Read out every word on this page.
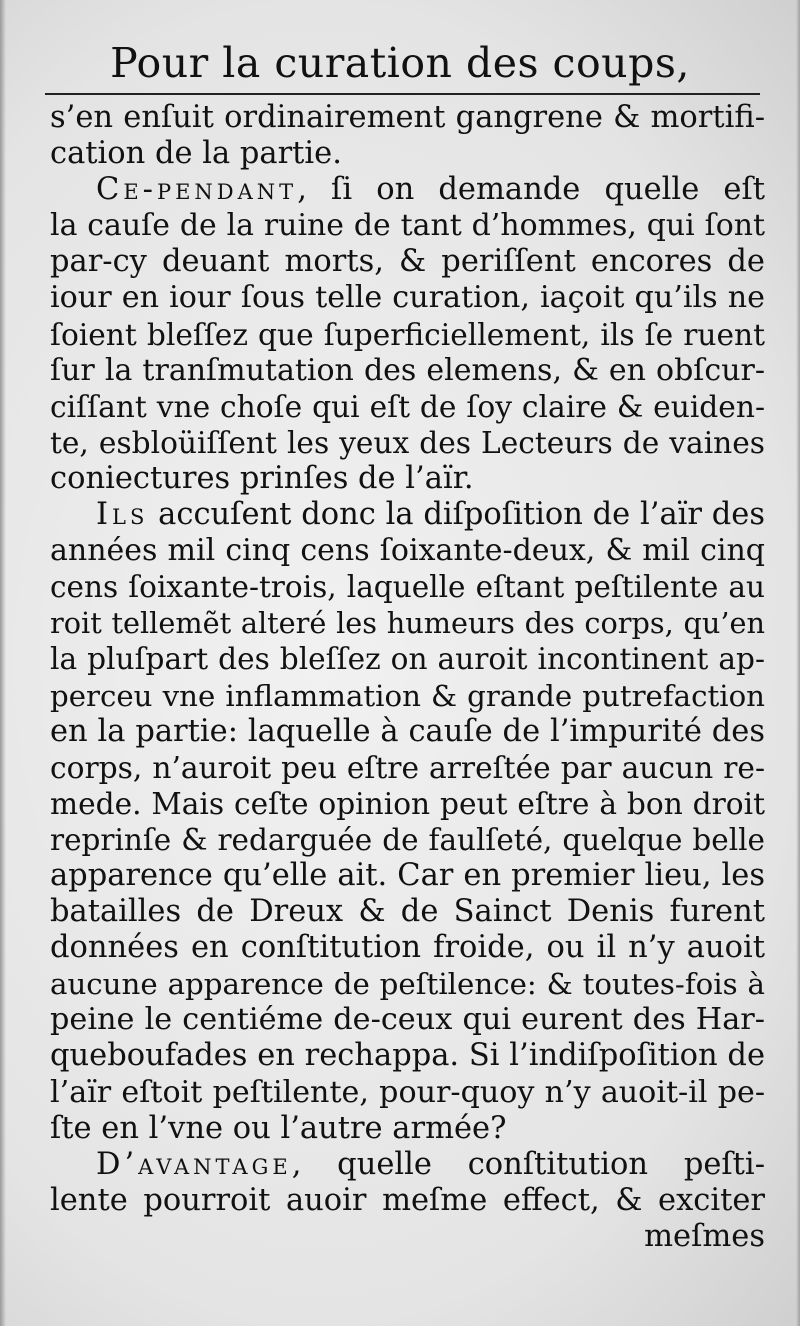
Pour la curation des coups,
s’en enſuit ordinairement gangrene & mortifi-
cation de la partie.
Ce-pendant, ſi on demande quelle eſt
la cauſe de la ruine de tant d’hommes, qui ſont
par-cy deuant morts, & periſſent encores de
iour en iour ſous telle curation, iaçoit qu’ils ne
ſoient bleſſez que ſuperficiellement, ils ſe ruent
ſur la tranſmutation des elemens, & en obſcur-
ciſſant vne choſe qui eſt de ſoy claire & euiden-
te, esbloüiſſent les yeux des Lecteurs de vaines
coniectures prinſes de l’aïr.
Ils accuſent donc la diſpoſition de l’aïr des
années mil cinq cens ſoixante-deux, & mil cinq
cens ſoixante-trois, laquelle eſtant peſtilente au
roit tellemẽt alteré les humeurs des corps, qu’en
la pluſpart des bleſſez on auroit incontinent ap-
perceu vne inflammation & grande putrefaction
en la partie: laquelle à cauſe de l’impurité des
corps, n’auroit peu eſtre arreſtée par aucun re-
mede. Mais ceſte opinion peut eſtre à bon droit
reprinſe & redarguée de faulſeté, quelque belle
apparence qu’elle ait. Car en premier lieu, les
batailles de Dreux & de Sainct Denis furent
données en conſtitution froide, ou il n’y auoit
aucune apparence de peſtilence: & toutes-fois à
peine le centiéme de-ceux qui eurent des Har-
queboufades en rechappa. Si l’indiſpoſition de
l’aïr eſtoit peſtilente, pour-quoy n’y auoit-il pe-
ſte en l’vne ou l’autre armée?
D’avantage, quelle conſtitution peſti-
lente pourroit auoir meſme effect, & exciter
meſmes
